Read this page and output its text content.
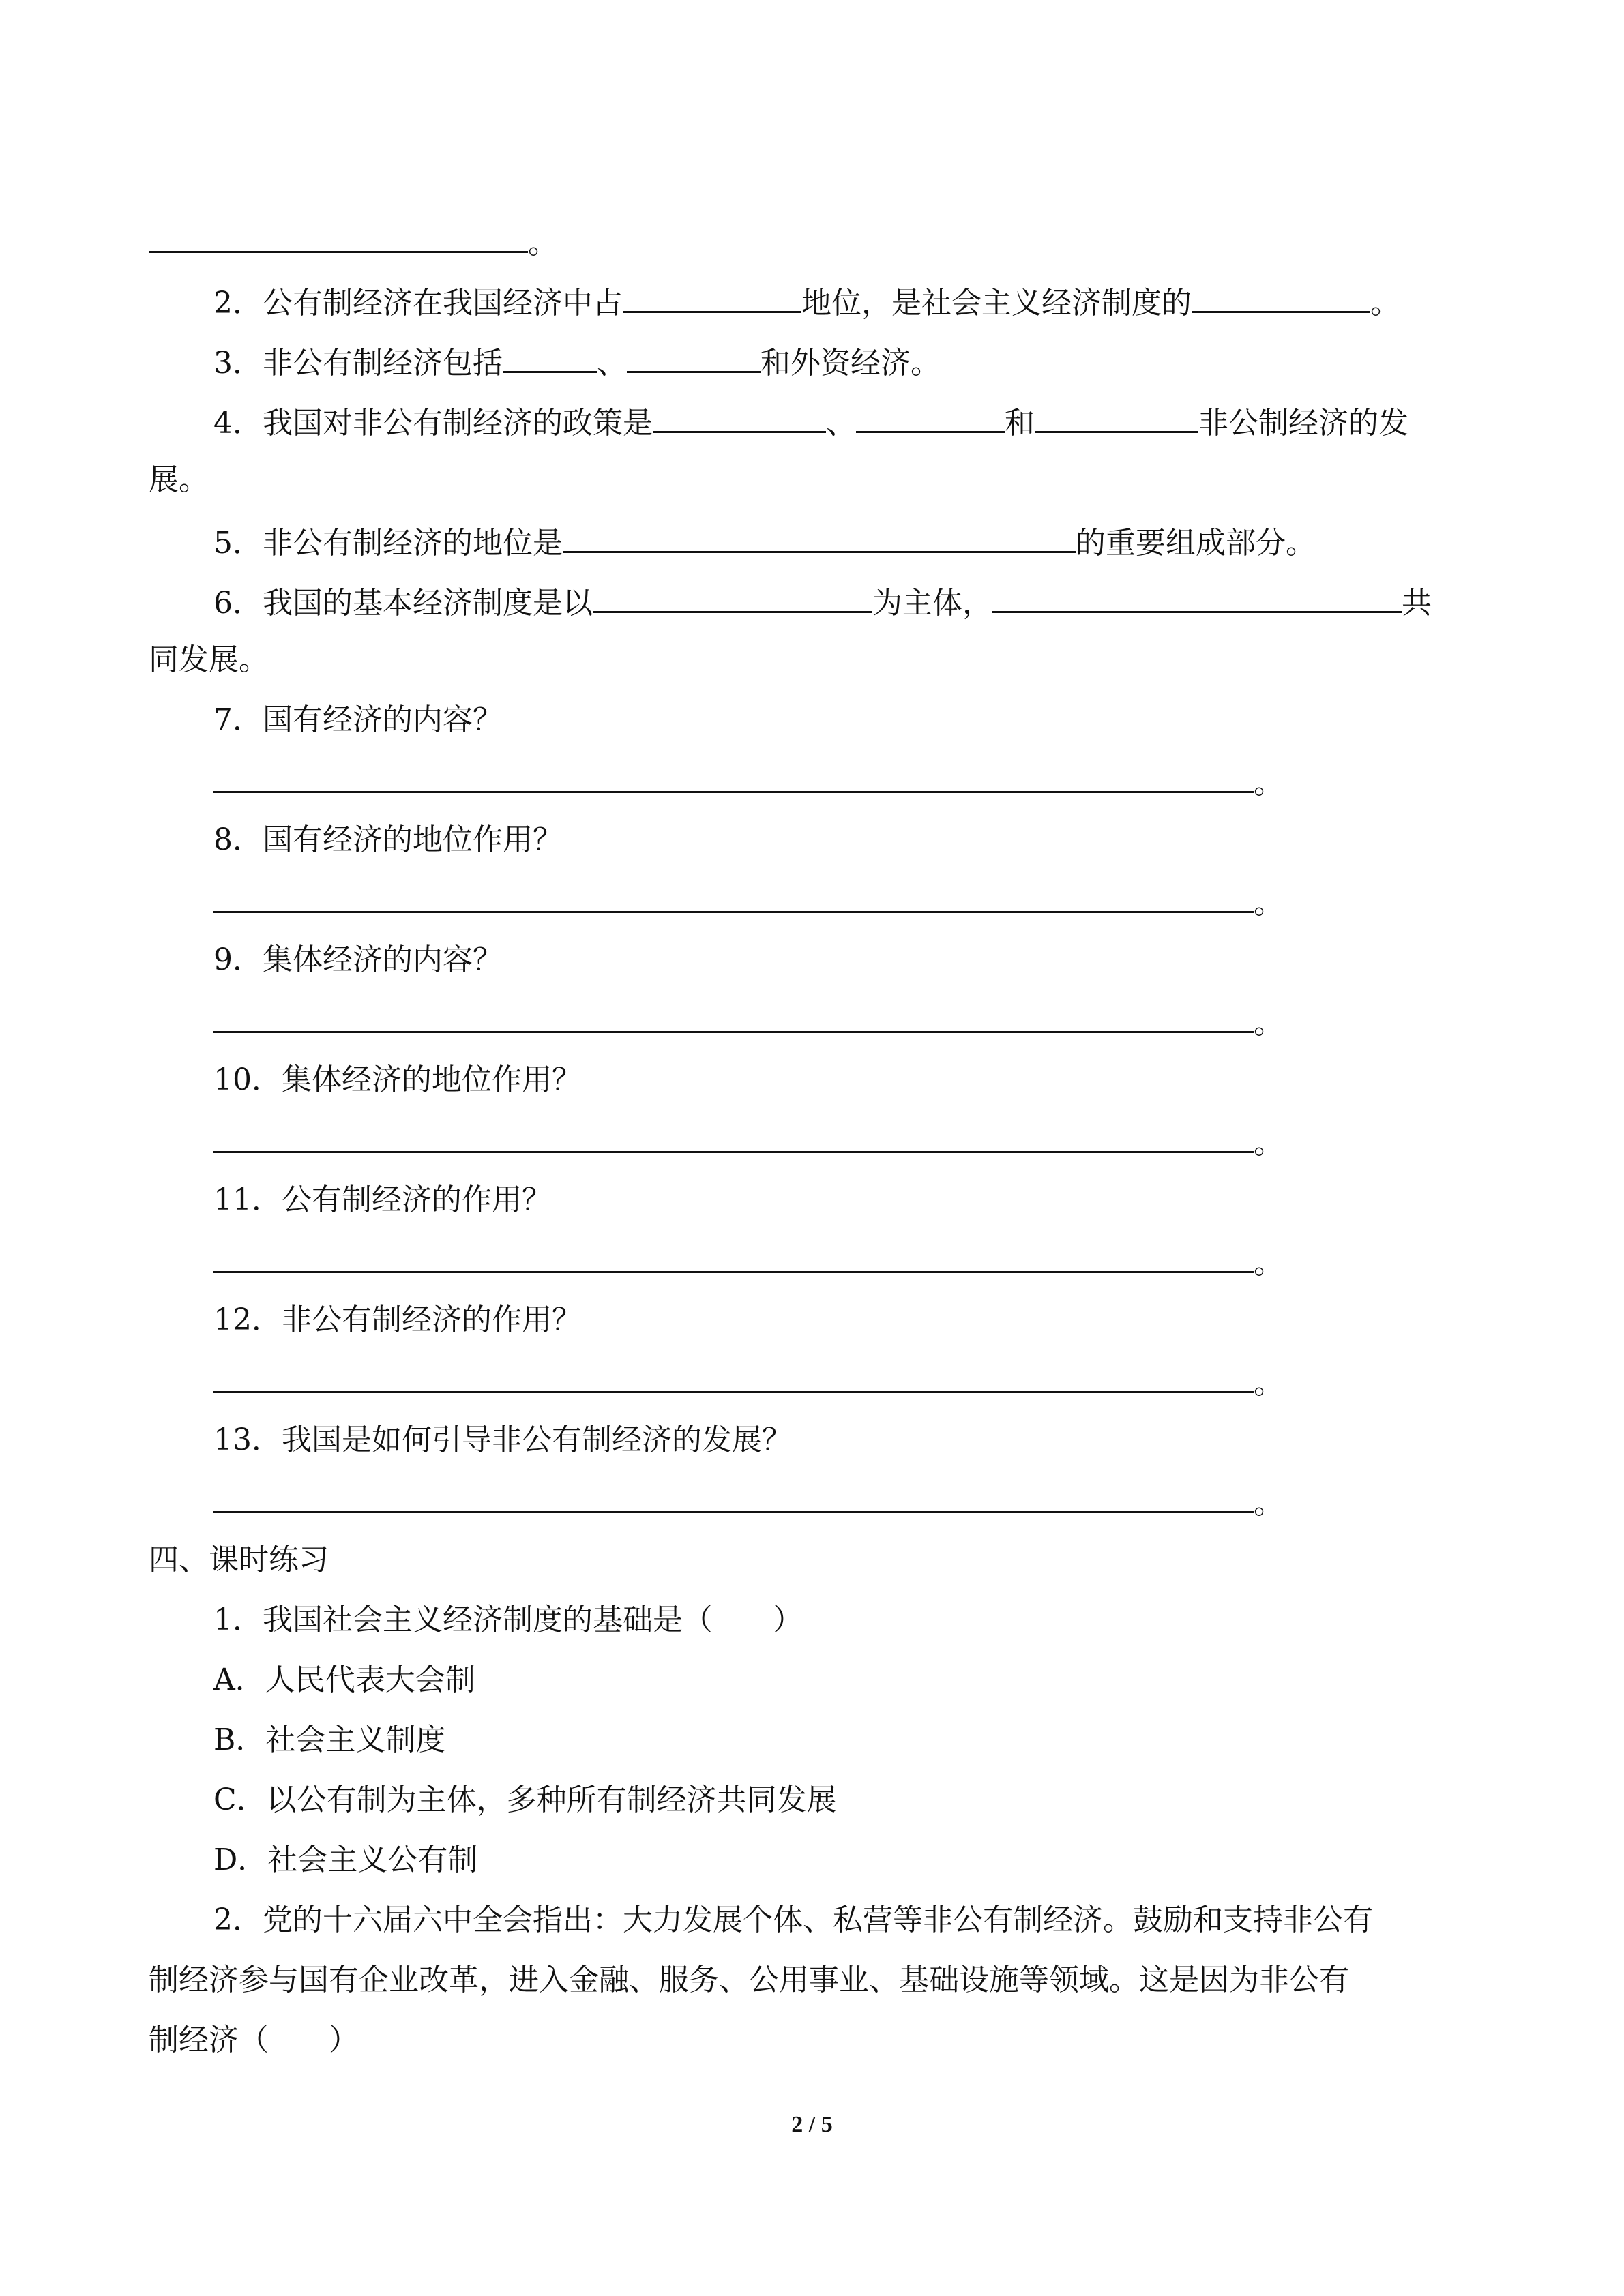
。
2．公有制经济在我国经济中占	地位，是社会主义经济制度的	。
3．非公有制经济包括	、	和外资经济。
4．我国对非公有制经济的政策是	、	和	非公制经济的发
展。
5．非公有制经济的地位是	的重要组成部分。
6．我国的基本经济制度是以	为主体，	共
同发展。
7．国有经济的内容？
。
8．国有经济的地位作用？
。
9．集体经济的内容？
。
10．集体经济的地位作用？
。
11．公有制经济的作用？
。
12．非公有制经济的作用？
。
13．我国是如何引导非公有制经济的发展？
。
四、课时练习
1．我国社会主义经济制度的基础是（　　）
A．人民代表大会制
B．社会主义制度
C．以公有制为主体，多种所有制经济共同发展
D．社会主义公有制
2．党的十六届六中全会指出：大力发展个体、私营等非公有制经济。鼓励和支持非公有
制经济参与国有企业改革，进入金融、服务、公用事业、基础设施等领域。这是因为非公有
制经济（　　）
2 / 5
